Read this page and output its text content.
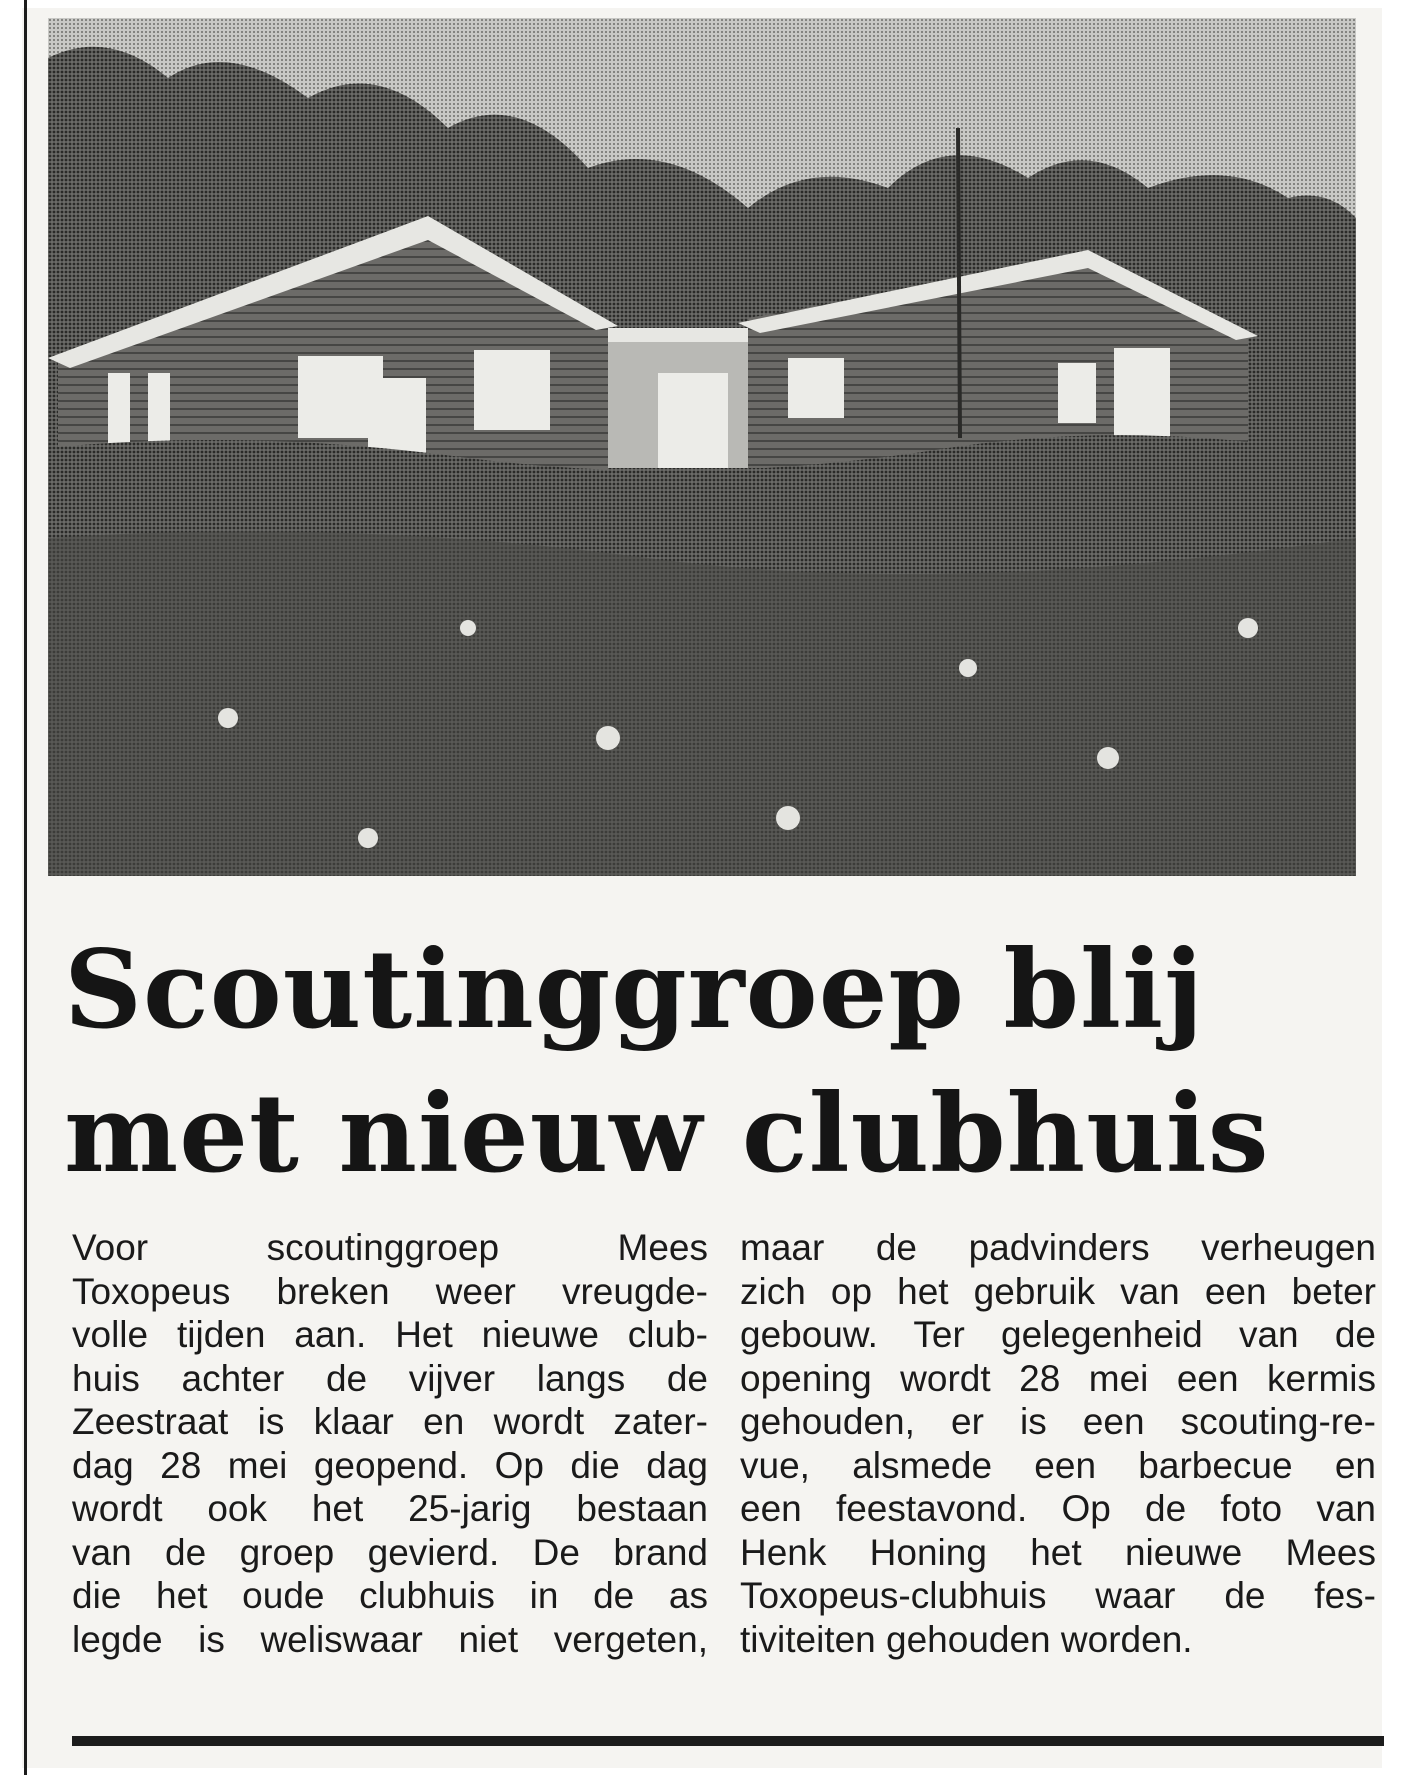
Scoutinggroep blij
met nieuw clubhuis
Voor scoutinggroep Mees
Toxopeus breken weer vreugde-
volle tijden aan. Het nieuwe club-
huis achter de vijver langs de
Zeestraat is klaar en wordt zater-
dag 28 mei geopend. Op die dag
wordt ook het 25-jarig bestaan
van de groep gevierd. De brand
die het oude clubhuis in de as
legde is weliswaar niet vergeten,
maar de padvinders verheugen
zich op het gebruik van een beter
gebouw. Ter gelegenheid van de
opening wordt 28 mei een kermis
gehouden, er is een scouting-re-
vue, alsmede een barbecue en
een feestavond. Op de foto van
Henk Honing het nieuwe Mees
Toxopeus-clubhuis waar de fes-
tiviteiten gehouden worden.
